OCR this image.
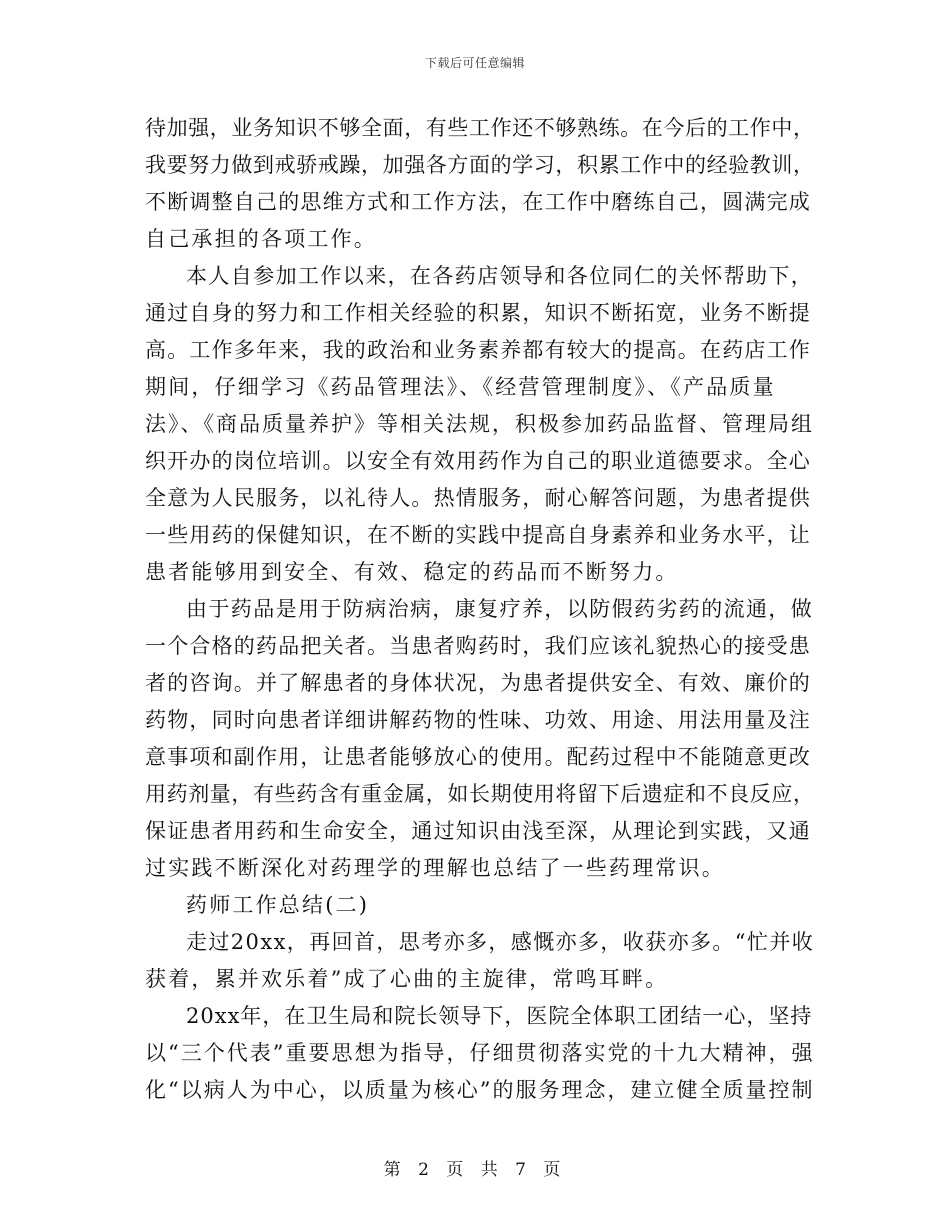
下载后可任意编辑
待加强，业务知识不够全面，有些工作还不够熟练。在今后的工作中，
我要努力做到戒骄戒躁，加强各方面的学习，积累工作中的经验教训，
不断调整自己的思维方式和工作方法，在工作中磨练自己，圆满完成
自己承担的各项工作。
本人自参加工作以来，在各药店领导和各位同仁的关怀帮助下，
通过自身的努力和工作相关经验的积累，知识不断拓宽，业务不断提
高。工作多年来，我的政治和业务素养都有较大的提高。在药店工作
期间，仔细学习《药品管理法》、《经营管理制度》、《产品质量
法》、《商品质量养护》等相关法规，积极参加药品监督、管理局组
织开办的岗位培训。以安全有效用药作为自己的职业道德要求。全心
全意为人民服务，以礼待人。热情服务，耐心解答问题，为患者提供
一些用药的保健知识，在不断的实践中提高自身素养和业务水平，让
患者能够用到安全、有效、稳定的药品而不断努力。
由于药品是用于防病治病，康复疗养，以防假药劣药的流通，做
一个合格的药品把关者。当患者购药时，我们应该礼貌热心的接受患
者的咨询。并了解患者的身体状况，为患者提供安全、有效、廉价的
药物，同时向患者详细讲解药物的性味、功效、用途、用法用量及注
意事项和副作用，让患者能够放心的使用。配药过程中不能随意更改
用药剂量，有些药含有重金属，如长期使用将留下后遗症和不良反应，
保证患者用药和生命安全，通过知识由浅至深，从理论到实践，又通
过实践不断深化对药理学的理解也总结了一些药理常识。
药师工作总结(二)
走过20xx，再回首，思考亦多，感慨亦多，收获亦多。“忙并收
获着，累并欢乐着”成了心曲的主旋律，常鸣耳畔。
20xx年，在卫生局和院长领导下，医院全体职工团结一心，坚持
以“三个代表”重要思想为指导，仔细贯彻落实党的十九大精神，强
化“以病人为中心，以质量为核心”的服务理念，建立健全质量控制
第 2 页 共 7 页
